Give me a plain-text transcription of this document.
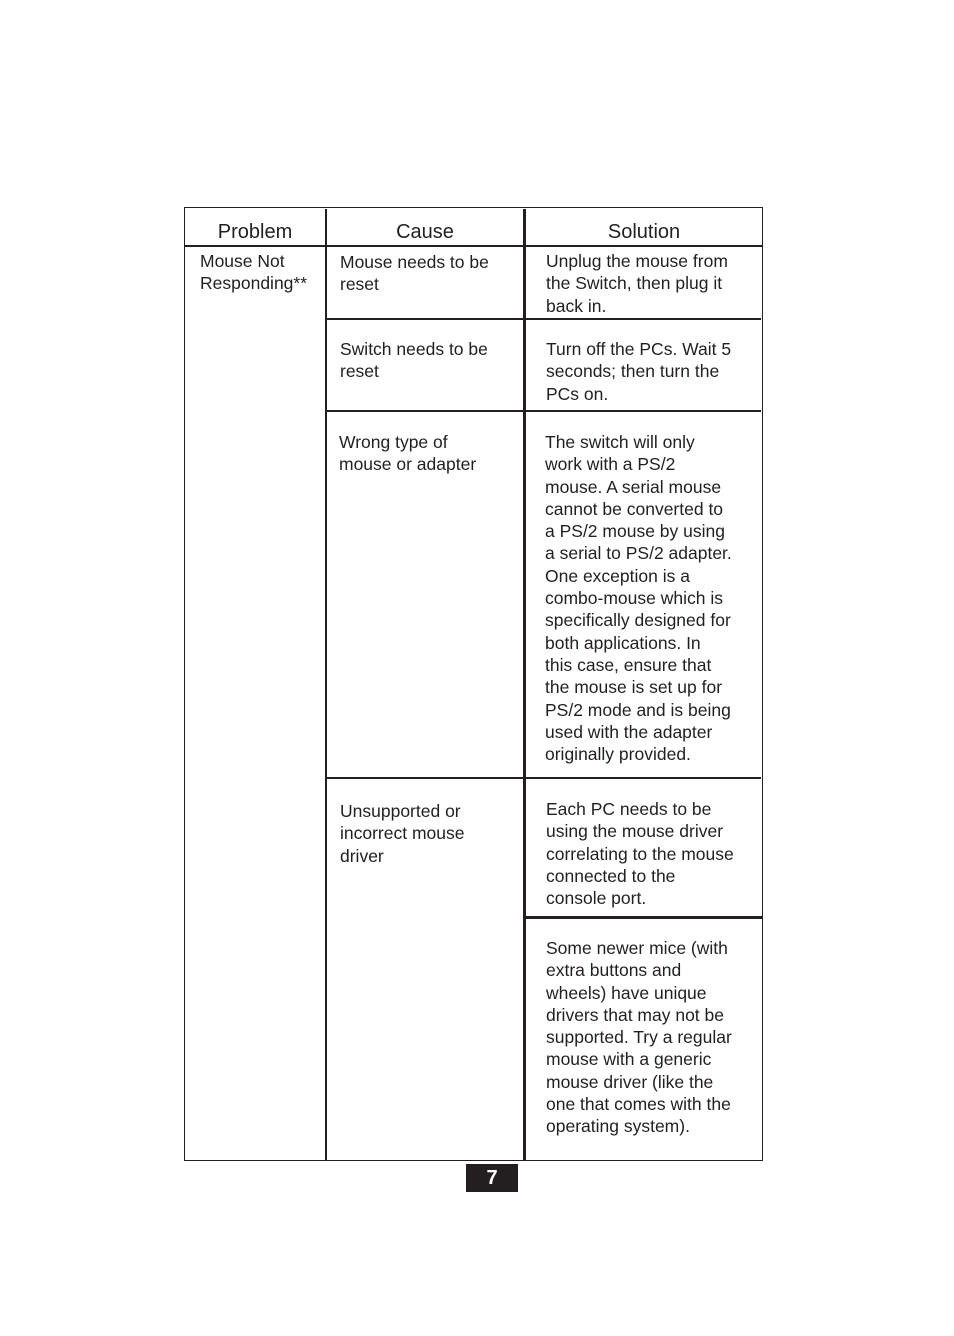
Problem	Cause	Solution
Mouse Not
Responding**
Mouse needs to be
reset
Switch needs to be
reset
Wrong type of
mouse or adapter
Unsupported or
incorrect mouse
driver
Unplug the mouse from
the Switch, then plug it
back in.
Turn off the PCs. Wait 5
seconds; then turn the
PCs on.
The switch will only
work with a PS/2
mouse. A serial mouse
cannot be converted to
a PS/2 mouse by using
a serial to PS/2 adapter.
One exception is a
combo-mouse which is
specifically designed for
both applications. In
this case, ensure that
the mouse is set up for
PS/2 mode and is being
used with the adapter
originally provided.
Each PC needs to be
using the mouse driver
correlating to the mouse
connected to the
console port.
Some newer mice (with
extra buttons and
wheels) have unique
drivers that may not be
supported. Try a regular
mouse with a generic
mouse driver (like the
one that comes with the
operating system).
7
